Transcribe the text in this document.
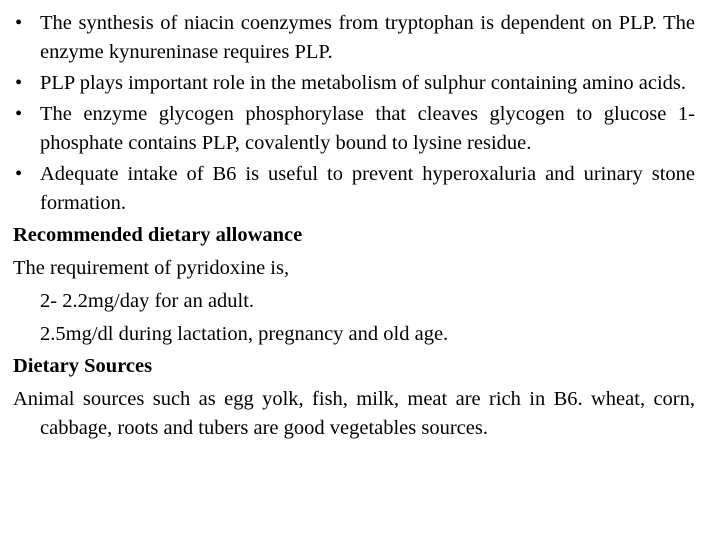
• The synthesis of niacin coenzymes from tryptophan is dependent on PLP. The enzyme kynureninase requires PLP.
• PLP plays important role in the metabolism of sulphur containing amino acids.
• The enzyme glycogen phosphorylase that cleaves glycogen to glucose 1-phosphate contains PLP, covalently bound to lysine residue.
• Adequate intake of B6 is useful to prevent hyperoxaluria and urinary stone formation.
Recommended dietary allowance
The requirement of pyridoxine is,
2- 2.2mg/day for an adult.
2.5mg/dl during lactation, pregnancy and old age.
Dietary Sources
Animal sources such as egg yolk, fish, milk, meat are rich in B6. wheat, corn, cabbage, roots and tubers are good vegetables sources.
